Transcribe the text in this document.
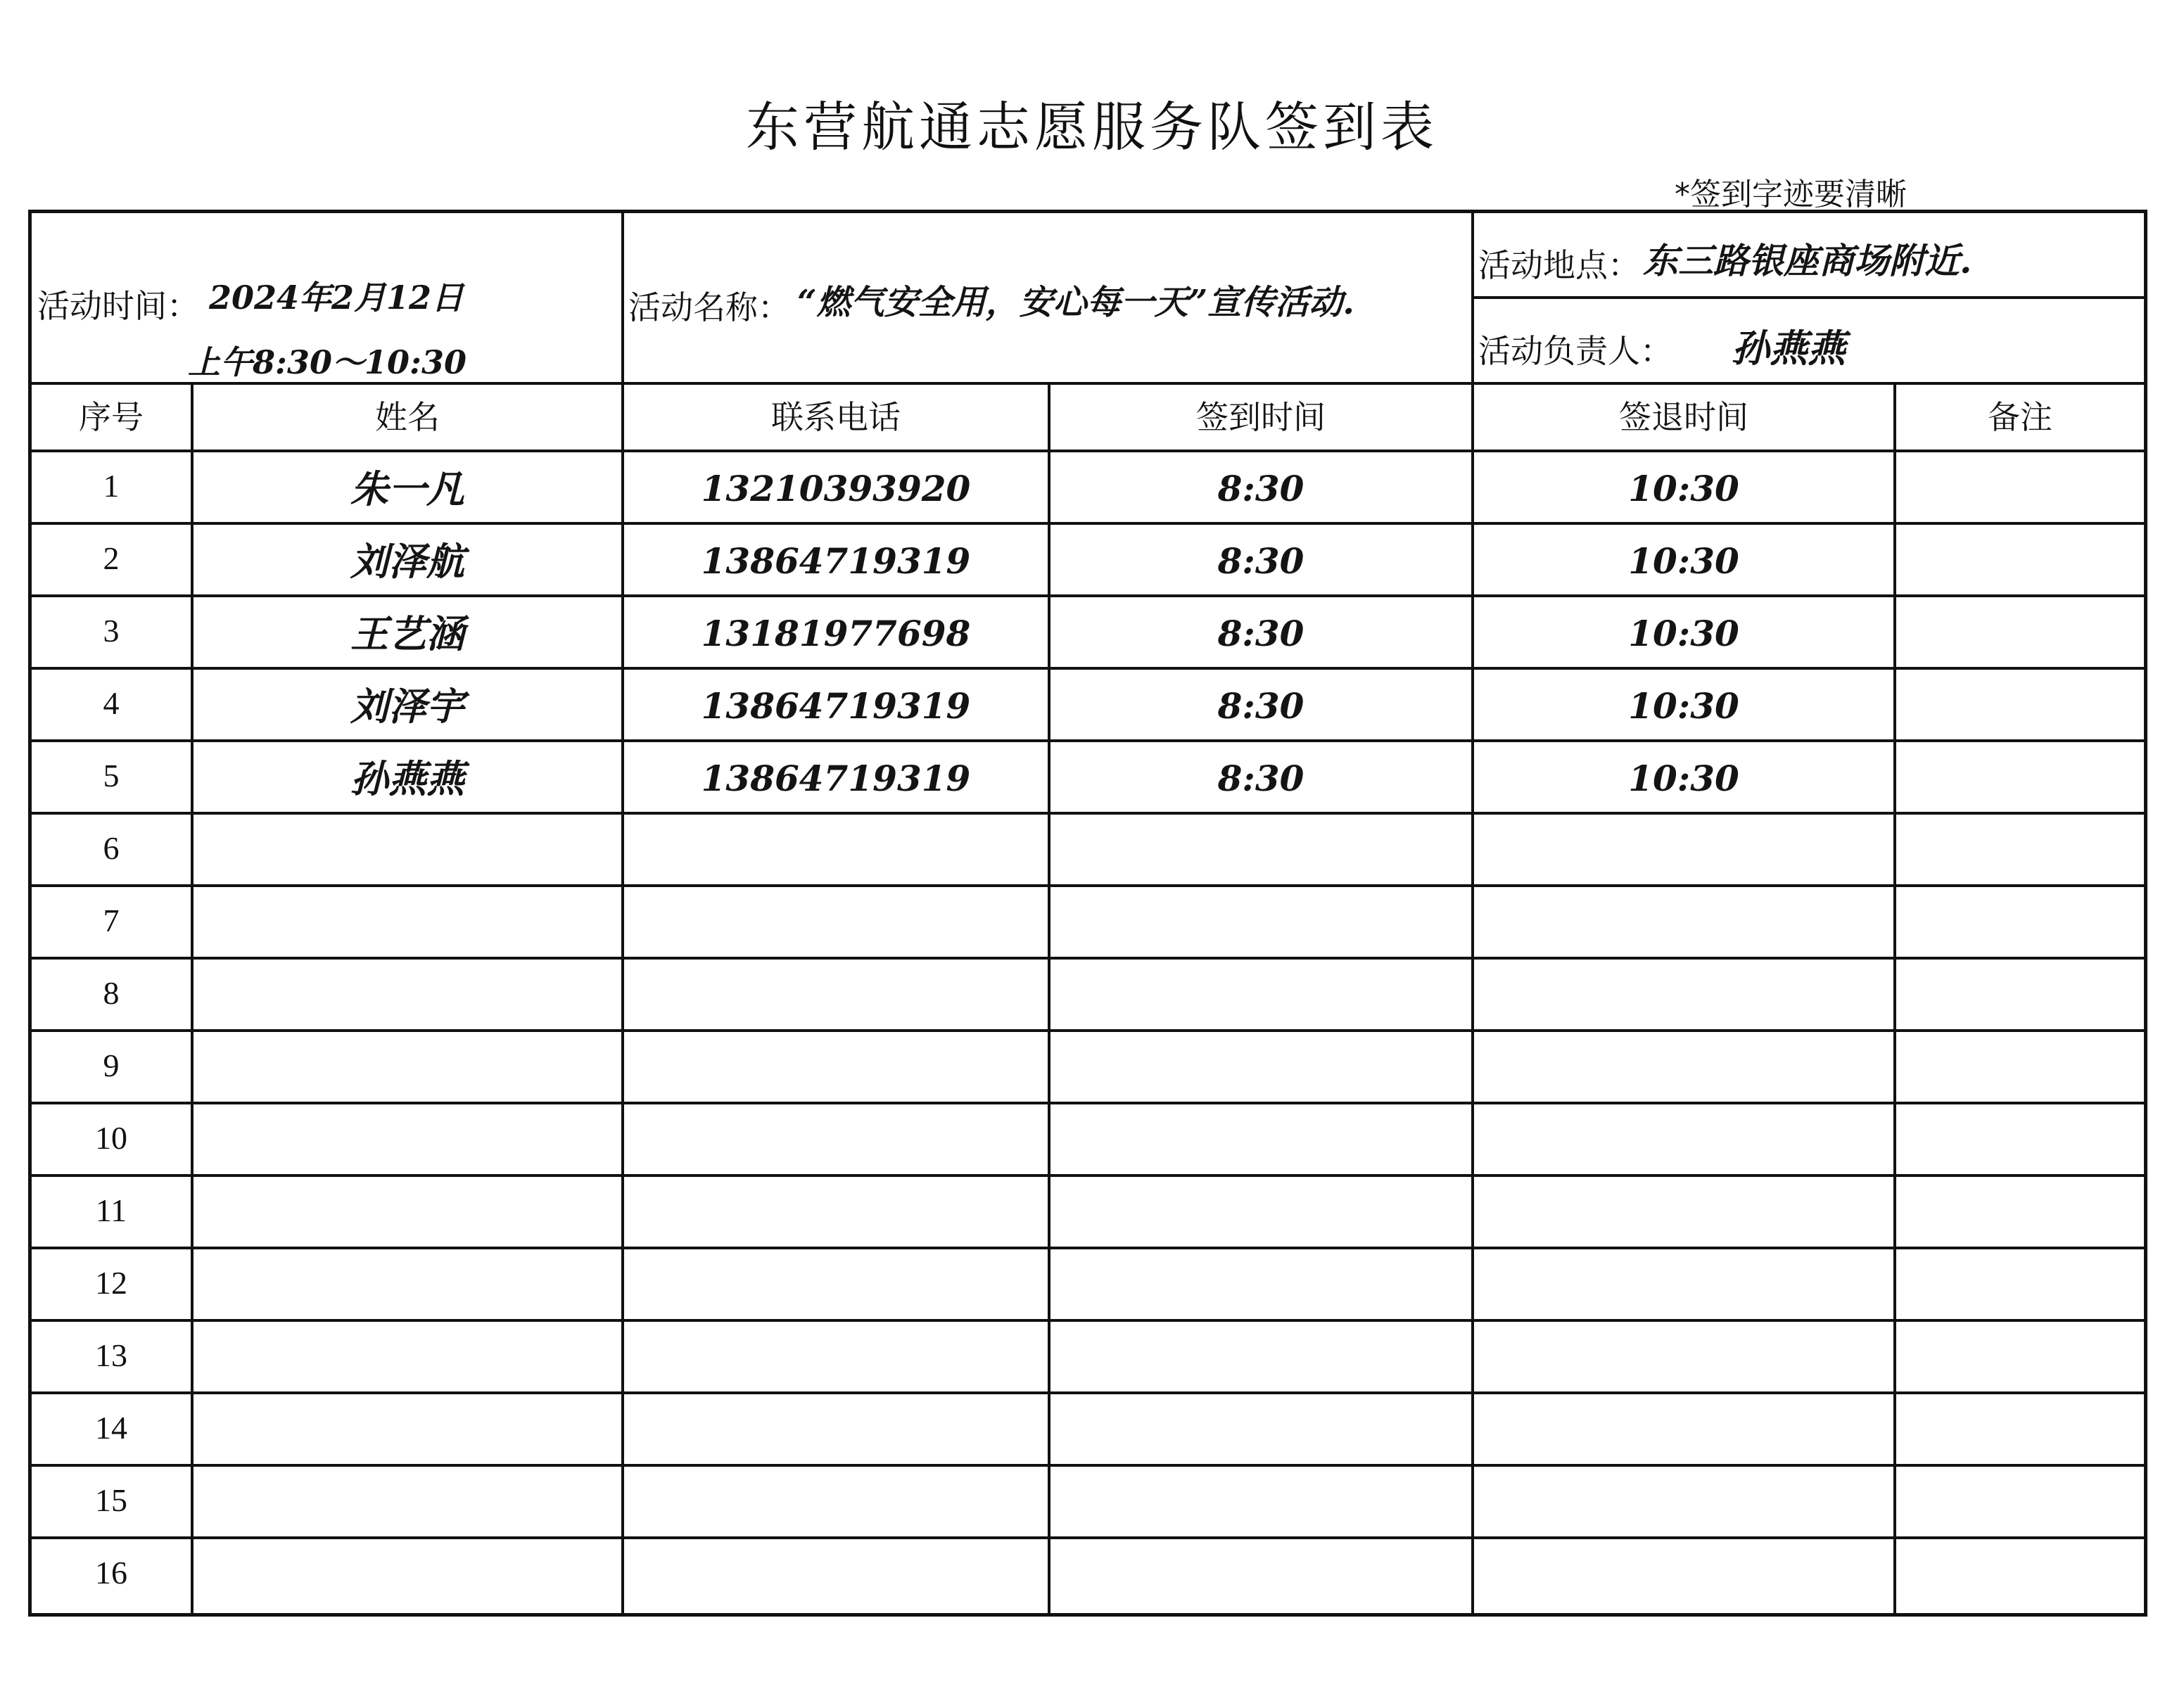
东营航通志愿服务队签到表
*签到字迹要清晰
活动时间： 2024年2月12日
上午8:30～10:30
活动名称： “燃气安全用，安心每一天”宣传活动.
活动地点： 东三路银座商场附近.
活动负责人： 孙燕燕
序号	姓名	联系电话	签到时间	签退时间	备注
1	朱一凡	13210393920	8:30	10:30
2	刘泽航	13864719319	8:30	10:30
3	王艺涵	13181977698	8:30	10:30
4	刘泽宇	13864719319	8:30	10:30
5	孙燕燕	13864719319	8:30	10:30
6
7
8
9
10
11
12
13
14
15
16
